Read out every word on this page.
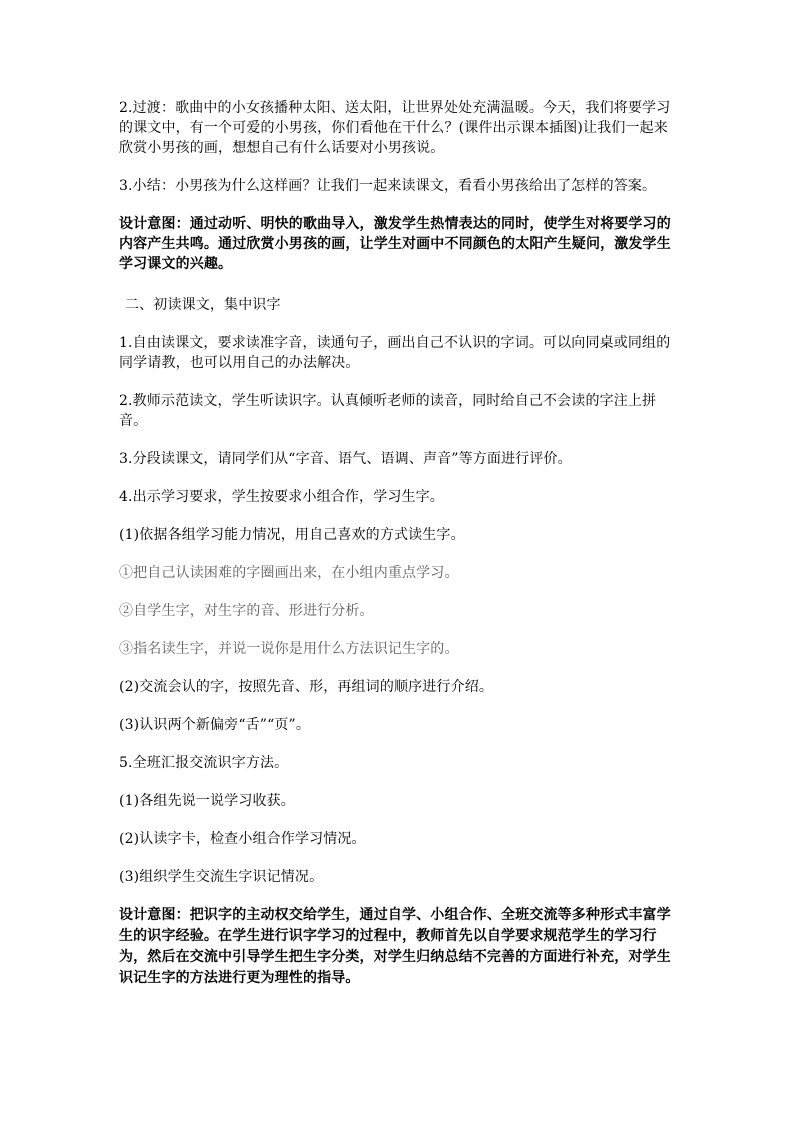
2.过渡：歌曲中的小女孩播种太阳、送太阳，让世界处处充满温暖。今天，我们将要学习的课文中，有一个可爱的小男孩，你们看他在干什么？(课件出示课本插图)让我们一起来欣赏小男孩的画，想想自己有什么话要对小男孩说。

3.小结：小男孩为什么这样画？让我们一起来读课文，看看小男孩给出了怎样的答案。

设计意图：通过动听、明快的歌曲导入，激发学生热情表达的同时，使学生对将要学习的内容产生共鸣。通过欣赏小男孩的画，让学生对画中不同颜色的太阳产生疑问，激发学生学习课文的兴趣。

二、初读课文，集中识字

1.自由读课文，要求读准字音，读通句子，画出自己不认识的字词。可以向同桌或同组的同学请教，也可以用自己的办法解决。

2.教师示范读文，学生听读识字。认真倾听老师的读音，同时给自己不会读的字注上拼音。

3.分段读课文，请同学们从“字音、语气、语调、声音”等方面进行评价。

4.出示学习要求，学生按要求小组合作，学习生字。

(1)依据各组学习能力情况，用自己喜欢的方式读生字。

①把自己认读困难的字圈画出来，在小组内重点学习。

②自学生字，对生字的音、形进行分析。

③指名读生字，并说一说你是用什么方法识记生字的。

(2)交流会认的字，按照先音、形，再组词的顺序进行介绍。

(3)认识两个新偏旁“舌”“页”。

5.全班汇报交流识字方法。

(1)各组先说一说学习收获。

(2)认读字卡，检查小组合作学习情况。

(3)组织学生交流生字识记情况。

设计意图：把识字的主动权交给学生，通过自学、小组合作、全班交流等多种形式丰富学生的识字经验。在学生进行识字学习的过程中，教师首先以自学要求规范学生的学习行为，然后在交流中引导学生把生字分类，对学生归纳总结不完善的方面进行补充，对学生识记生字的方法进行更为理性的指导。
